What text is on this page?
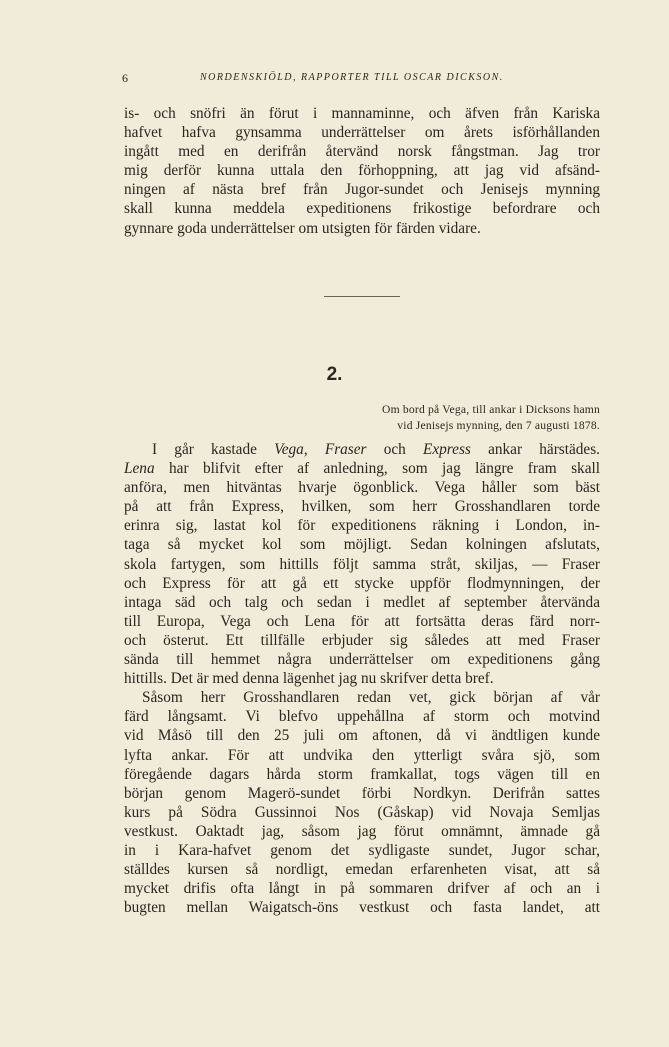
6	NORDENSKIÖLD, RAPPORTER TILL OSCAR DICKSON.
is- och snöfri än förut i mannaminne, och äfven från Kariska
hafvet hafva gynsamma underrättelser om årets isförhållanden
ingått med en derifrån återvänd norsk fångstman. Jag tror
mig derför kunna uttala den förhoppning, att jag vid afsänd-
ningen af nästa bref från Jugor-sundet och Jenisejs mynning
skall kunna meddela expeditionens frikostige befordrare och
gynnare goda underrättelser om utsigten för färden vidare.
2.
Om bord på Vega, till ankar i Dicksons hamn
vid Jenisejs mynning, den 7 augusti 1878.
I går kastade Vega, Fraser och Express ankar härstädes.
Lena har blifvit efter af anledning, som jag längre fram skall
anföra, men hitväntas hvarje ögonblick. Vega håller som bäst
på att från Express, hvilken, som herr Grosshandlaren torde
erinra sig, lastat kol för expeditionens räkning i London, in-
taga så mycket kol som möjligt. Sedan kolningen afslutats,
skola fartygen, som hittills följt samma stråt, skiljas, — Fraser
och Express för att gå ett stycke uppför flodmynningen, der
intaga säd och talg och sedan i medlet af september återvända
till Europa, Vega och Lena för att fortsätta deras färd norr-
och österut. Ett tillfälle erbjuder sig således att med Fraser
sända till hemmet några underrättelser om expeditionens gång
hittills. Det är med denna lägenhet jag nu skrifver detta bref.
Såsom herr Grosshandlaren redan vet, gick början af vår
färd långsamt. Vi blefvo uppehållna af storm och motvind
vid Måsö till den 25 juli om aftonen, då vi ändtligen kunde
lyfta ankar. För att undvika den ytterligt svåra sjö, som
föregående dagars hårda storm framkallat, togs vägen till en
början genom Magerö-sundet förbi Nordkyn. Derifrån sattes
kurs på Södra Gussinnoi Nos (Gåskap) vid Novaja Semljas
vestkust. Oaktadt jag, såsom jag förut omnämnt, ämnade gå
in i Kara-hafvet genom det sydligaste sundet, Jugor schar,
ställdes kursen så nordligt, emedan erfarenheten visat, att så
mycket drifis ofta långt in på sommaren drifver af och an i
bugten mellan Waigatsch-öns vestkust och fasta landet, att
